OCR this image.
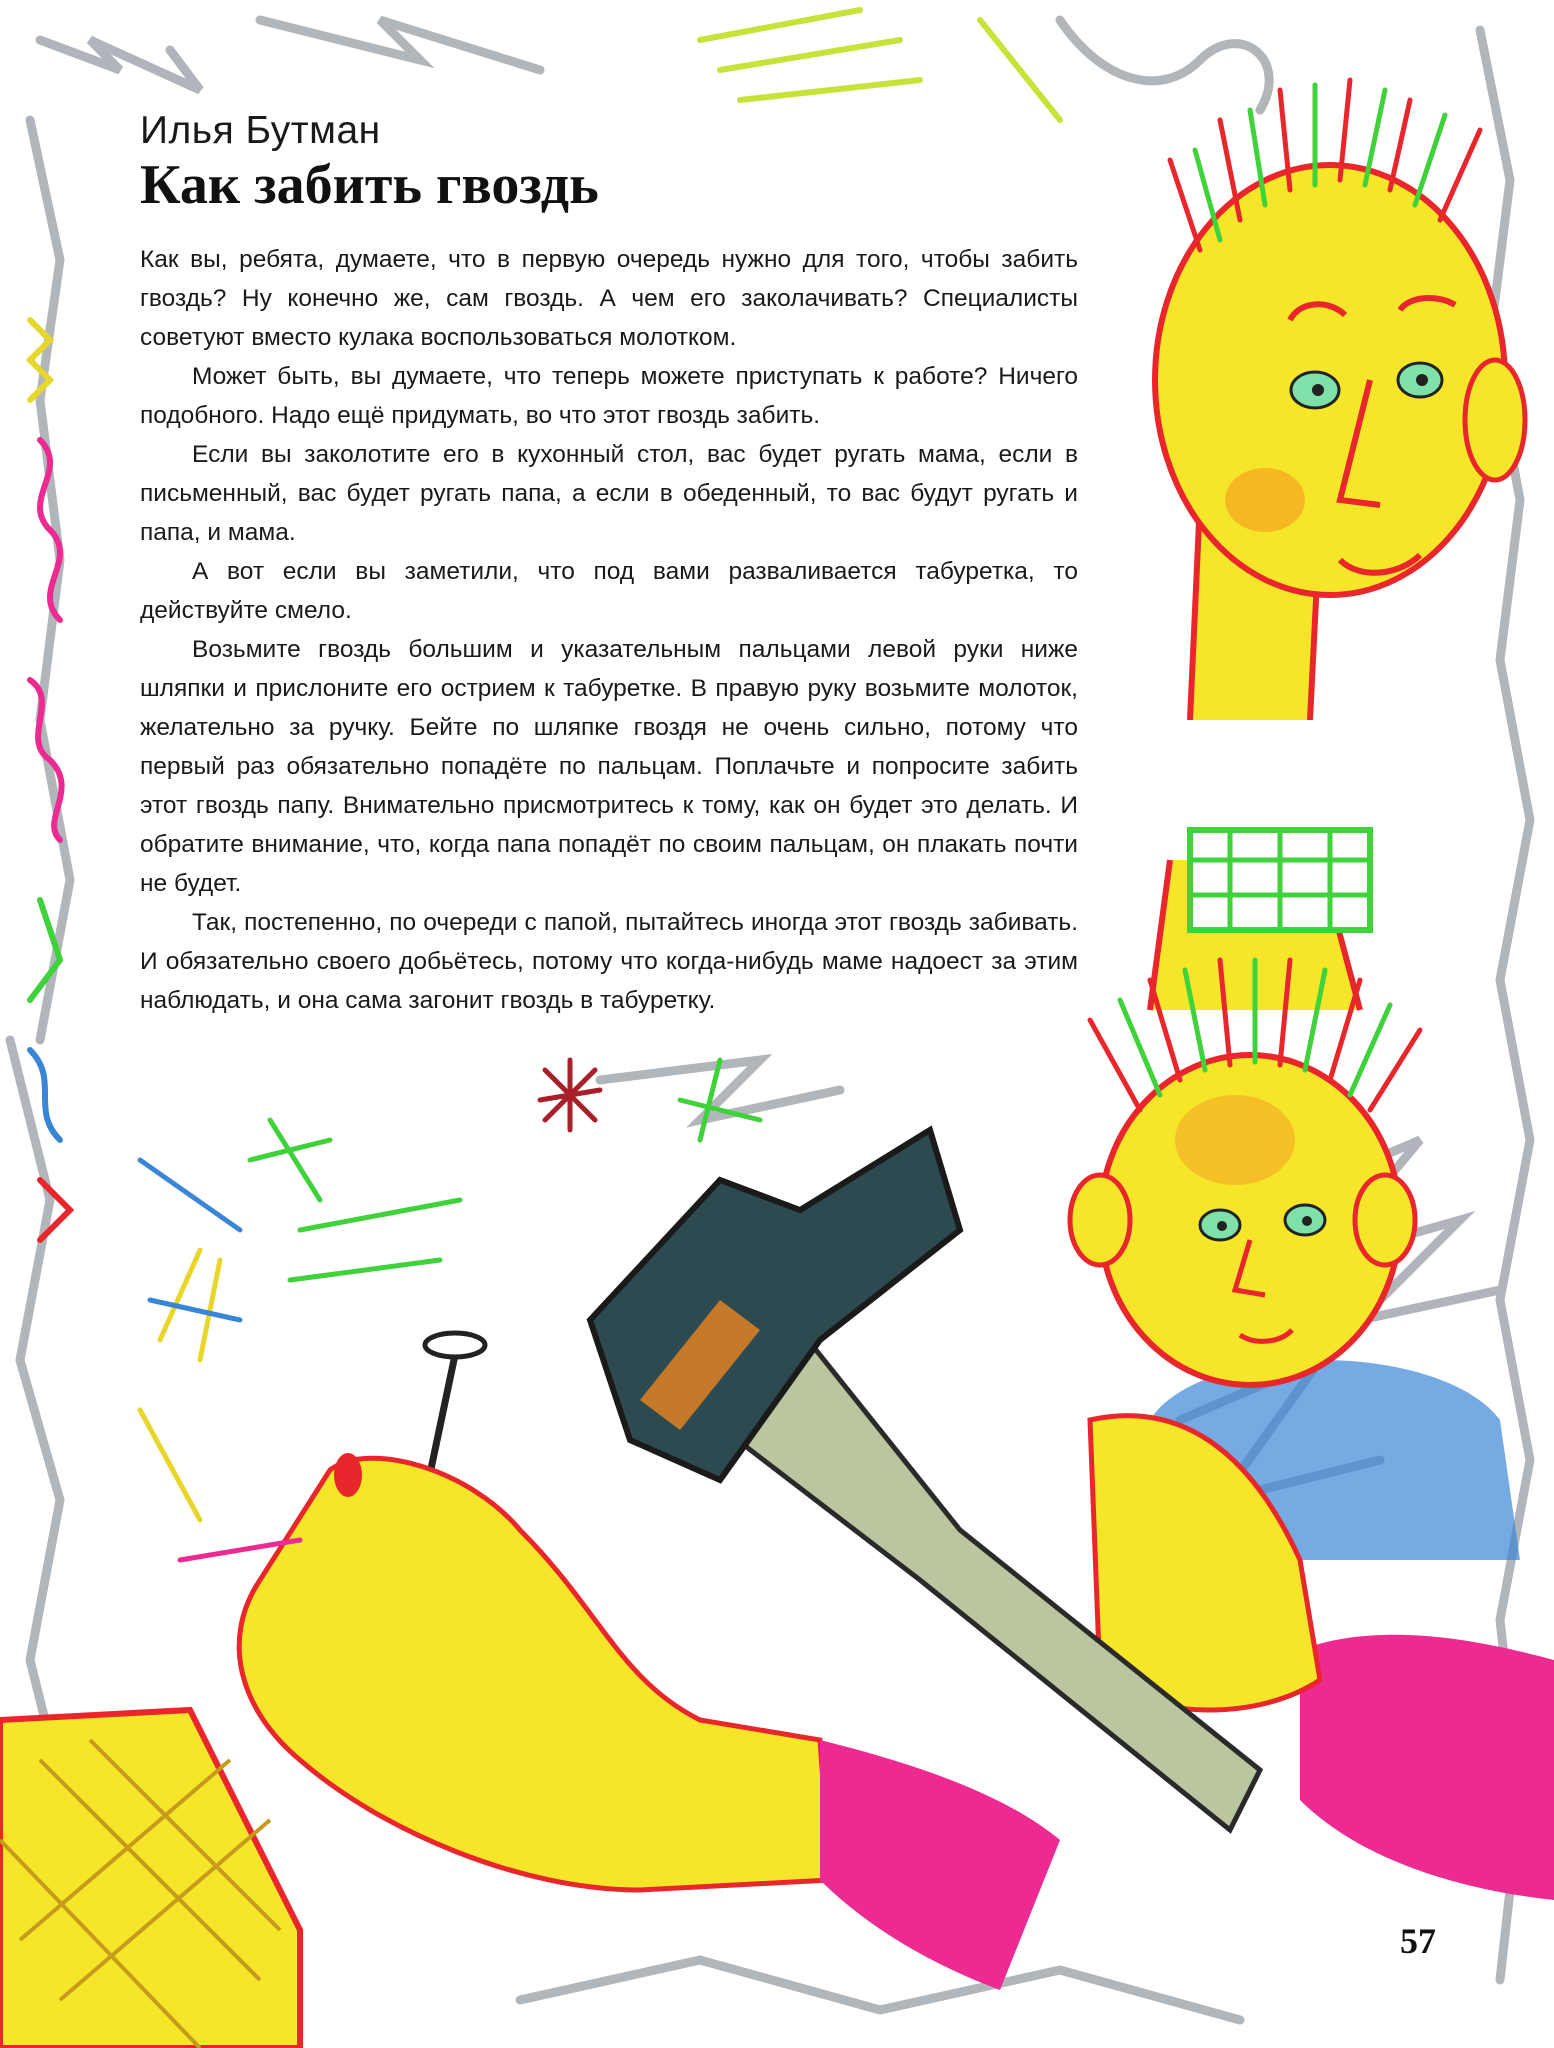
Илья Бутман

Как забить гвоздь

Как вы, ребята, думаете, что в первую очередь нужно для того, чтобы забить гвоздь? Ну конечно же, сам гвоздь. А чем его заколачивать? Специалисты советуют вместо кулака воспользоваться молотком.

Может быть, вы думаете, что теперь можете приступать к работе? Ничего подобного. Надо ещё придумать, во что этот гвоздь забить.

Если вы заколотите его в кухонный стол, вас будет ругать мама, если в письменный, вас будет ругать папа, а если в обеденный, то вас будут ругать и папа, и мама.

А вот если вы заметили, что под вами разваливается табуретка, то действуйте смело.

Возьмите гвоздь большим и указательным пальцами левой руки ниже шляпки и прислоните его острием к табуретке. В правую руку возьмите молоток, желательно за ручку. Бейте по шляпке гвоздя не очень сильно, потому что первый раз обязательно попадёте по пальцам. Поплачьте и попросите забить этот гвоздь папу. Внимательно присмотритесь к тому, как он будет это делать. И обратите внимание, что, когда папа попадёт по своим пальцам, он плакать почти не будет.

Так, постепенно, по очереди с папой, пытайтесь иногда этот гвоздь забивать. И обязательно своего добьётесь, потому что когда-нибудь маме надоест за этим наблюдать, и она сама загонит гвоздь в табуретку.

57
